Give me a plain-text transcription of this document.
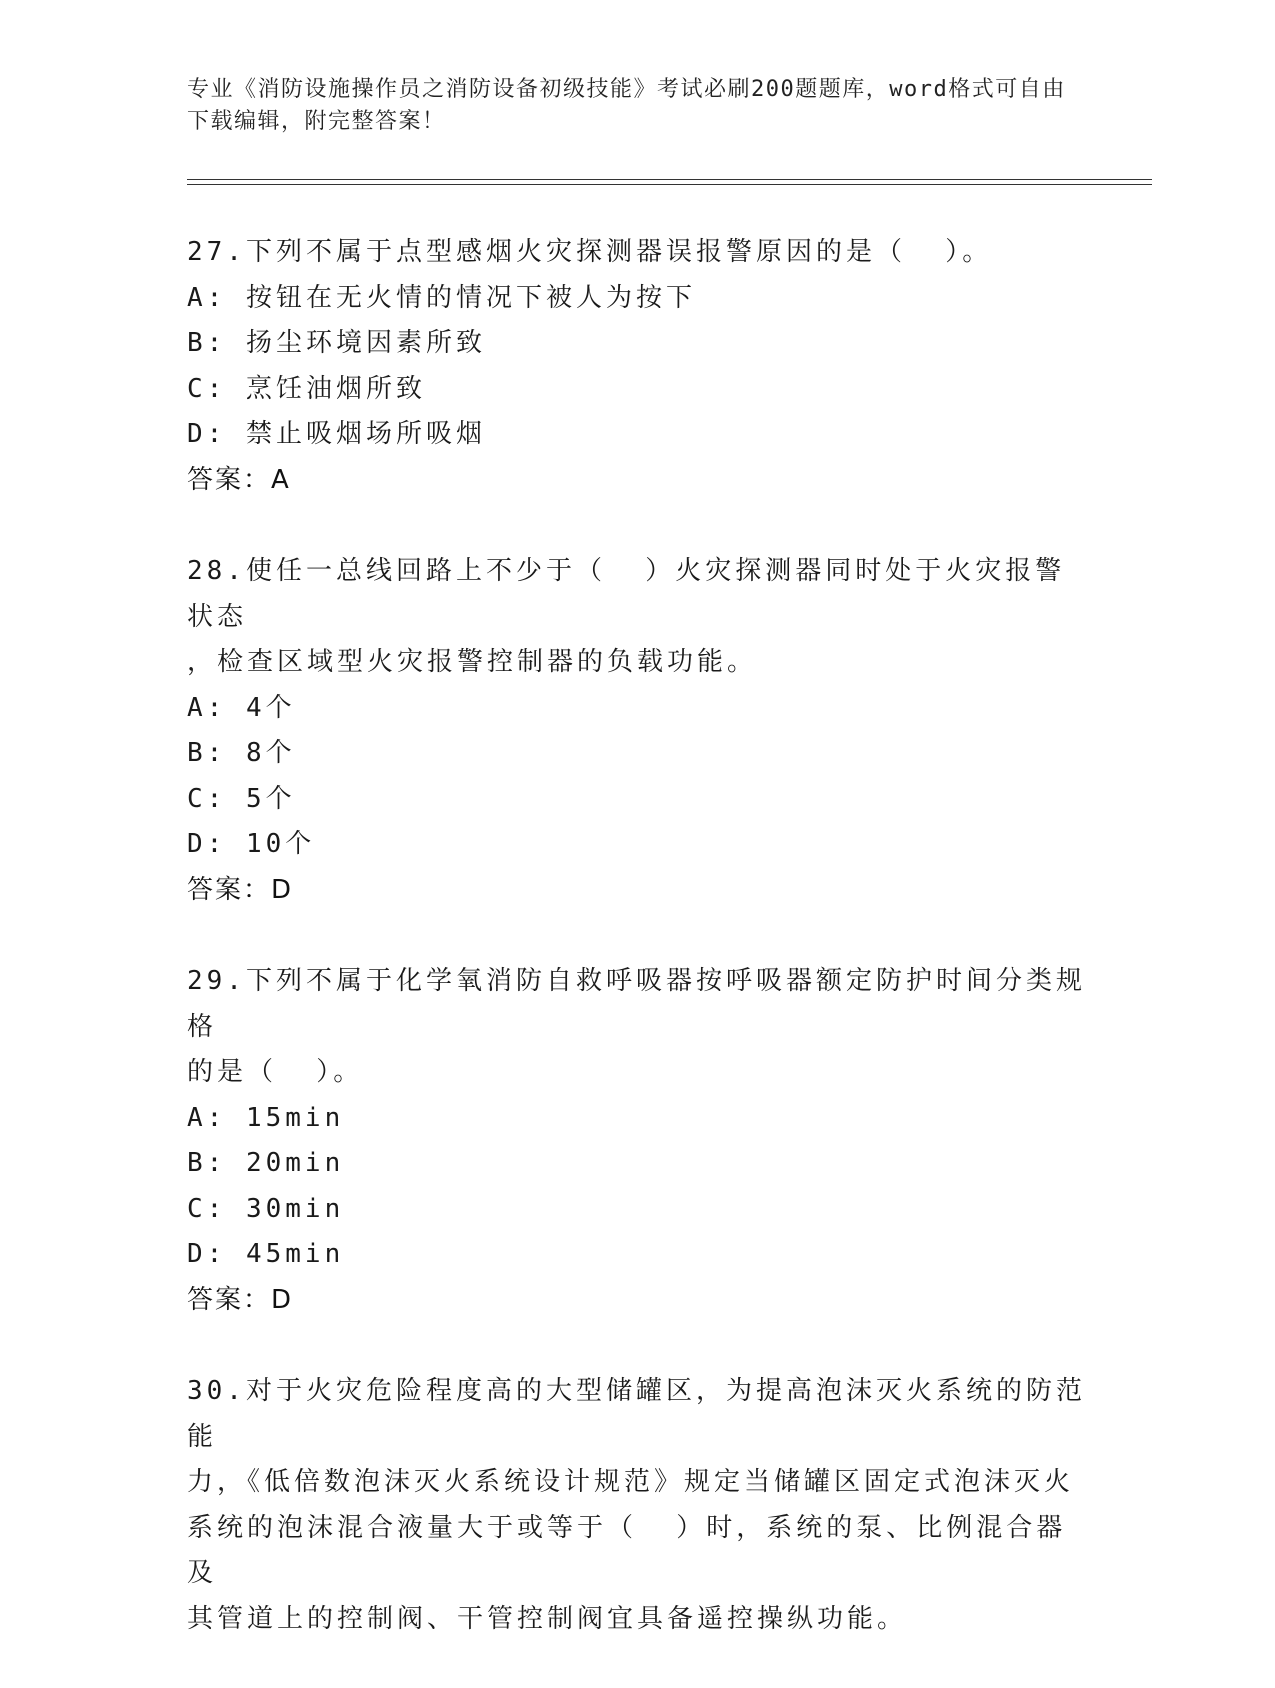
专业《消防设施操作员之消防设备初级技能》考试必刷200题题库，word格式可自由下载编辑，附完整答案！
27.下列不属于点型感烟火灾探测器误报警原因的是（  ）。
A: 按钮在无火情的情况下被人为按下
B: 扬尘环境因素所致
C: 烹饪油烟所致
D: 禁止吸烟场所吸烟
答案：A
28.使任一总线回路上不少于（  ）火灾探测器同时处于火灾报警状态
，检查区域型火灾报警控制器的负载功能。
A: 4个
B: 8个
C: 5个
D: 10个
答案：D
29.下列不属于化学氧消防自救呼吸器按呼吸器额定防护时间分类规格
的是（  ）。
A: 15min
B: 20min
C: 30min
D: 45min
答案：D
30.对于火灾危险程度高的大型储罐区，为提高泡沫灭火系统的防范能
力，《低倍数泡沫灭火系统设计规范》规定当储罐区固定式泡沫灭火
系统的泡沫混合液量大于或等于（  ）时，系统的泵、比例混合器及
其管道上的控制阀、干管控制阀宜具备遥控操纵功能。
